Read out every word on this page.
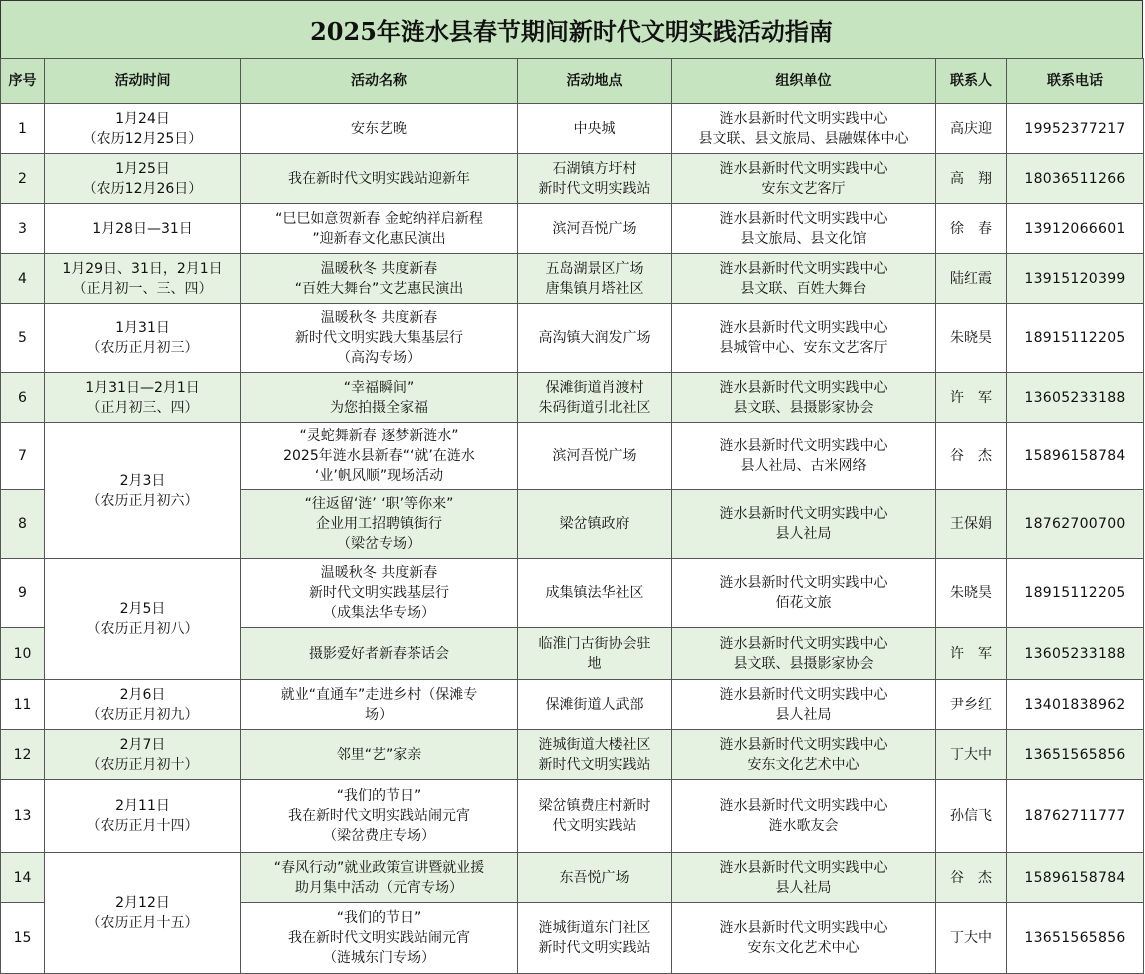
2025年涟水县春节期间新时代文明实践活动指南
序号	活动时间	活动名称	活动地点	组织单位	联系人	联系电话
1	1月24日
（农历12月25日）	安东艺晚	中央城	涟水县新时代文明实践中心
县文联、县文旅局、县融媒体中心	高庆迎	19952377217
2	1月25日
（农历12月26日）	我在新时代文明实践站迎新年	石湖镇方圩村
新时代文明实践站	涟水县新时代文明实践中心
安东文艺客厅	高　翔	18036511266
3	1月28日—31日	“巳巳如意贺新春 金蛇纳祥启新程
”迎新春文化惠民演出	滨河吾悦广场	涟水县新时代文明实践中心
县文旅局、县文化馆	徐　春	13912066601
4	1月29日、31日，2月1日
（正月初一、三、四）	温暖秋冬 共度新春
“百姓大舞台”文艺惠民演出	五岛湖景区广场
唐集镇月塔社区	涟水县新时代文明实践中心
县文联、百姓大舞台	陆红霞	13915120399
5	1月31日
（农历正月初三）	温暖秋冬 共度新春
新时代文明实践大集基层行
（高沟专场）	高沟镇大润发广场	涟水县新时代文明实践中心
县城管中心、安东文艺客厅	朱晓昊	18915112205
6	1月31日—2月1日
（正月初三、四）	“幸福瞬间”
为您拍摄全家福	保滩街道肖渡村
朱码街道引北社区	涟水县新时代文明实践中心
县文联、县摄影家协会	许　军	13605233188
7	2月3日
（农历正月初六）	“灵蛇舞新春 逐梦新涟水”
2025年涟水县新春“‘就’在涟水
‘业’帆风顺”现场活动	滨河吾悦广场	涟水县新时代文明实践中心
县人社局、古米网络	谷　杰	15896158784
8		“往返留‘涟’ ‘职’等你来”
企业用工招聘镇街行
（梁岔专场）	梁岔镇政府	涟水县新时代文明实践中心
县人社局	王保娟	18762700700
9	2月5日
（农历正月初八）	温暖秋冬 共度新春
新时代文明实践基层行
（成集法华专场）	成集镇法华社区	涟水县新时代文明实践中心
佰花文旅	朱晓昊	18915112205
10		摄影爱好者新春茶话会	临淮门古街协会驻
地	涟水县新时代文明实践中心
县文联、县摄影家协会	许　军	13605233188
11	2月6日
（农历正月初九）	就业“直通车”走进乡村（保滩专
场）	保滩街道人武部	涟水县新时代文明实践中心
县人社局	尹乡红	13401838962
12	2月7日
（农历正月初十）	邻里“艺”家亲	涟城街道大楼社区
新时代文明实践站	涟水县新时代文明实践中心
安东文化艺术中心	丁大中	13651565856
13	2月11日
（农历正月十四）	“我们的节日”
我在新时代文明实践站闹元宵
（梁岔费庄专场）	梁岔镇费庄村新时
代文明实践站	涟水县新时代文明实践中心
涟水歌友会	孙信飞	18762711777
14	2月12日
（农历正月十五）	“春风行动”就业政策宣讲暨就业援
助月集中活动（元宵专场）	东吾悦广场	涟水县新时代文明实践中心
县人社局	谷　杰	15896158784
15		“我们的节日”
我在新时代文明实践站闹元宵
（涟城东门专场）	涟城街道东门社区
新时代文明实践站	涟水县新时代文明实践中心
安东文化艺术中心	丁大中	13651565856
